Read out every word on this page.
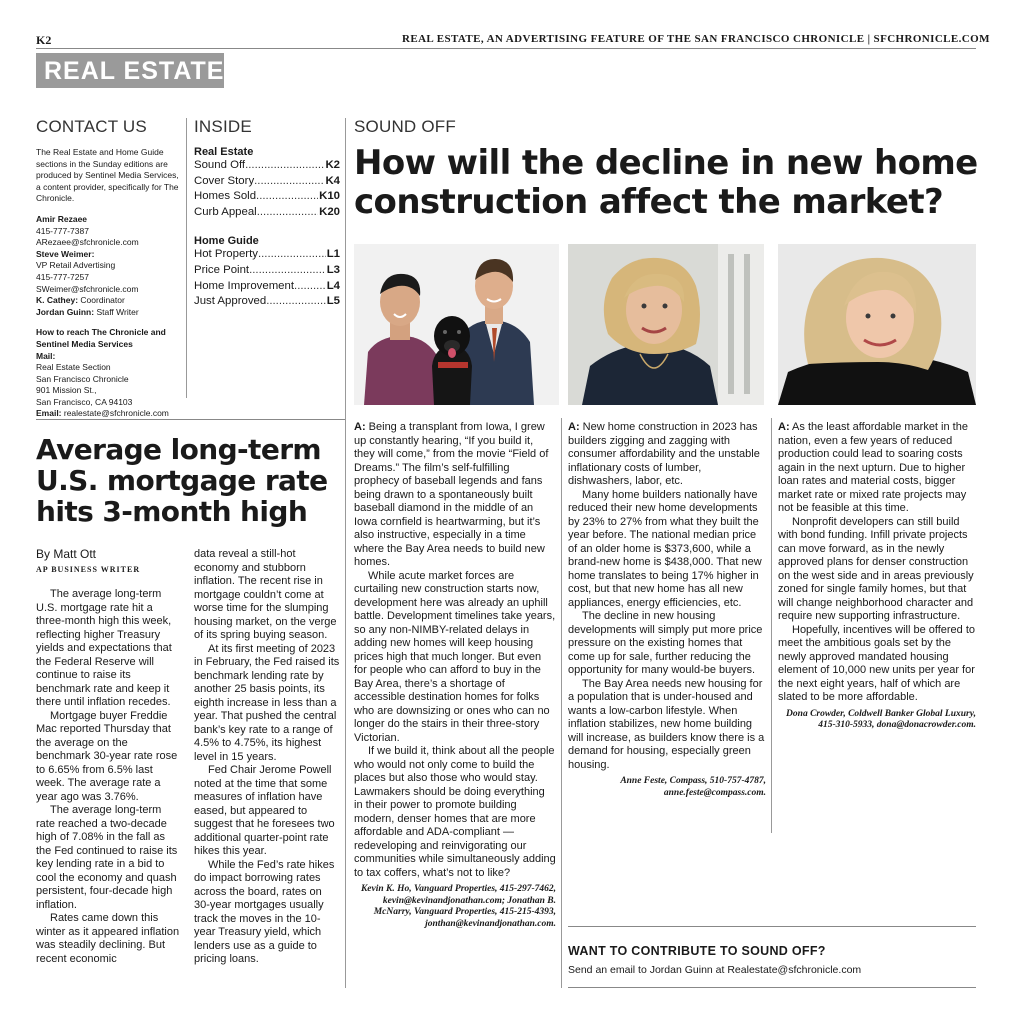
K2	REAL ESTATE, AN ADVERTISING FEATURE OF THE SAN FRANCISCO CHRONICLE | SFCHRONICLE.COM
REAL ESTATE
CONTACT US
The Real Estate and Home Guide sections in the Sunday editions are produced by Sentinel Media Services, a content provider, specifically for The Chronicle.
Amir Rezaee
415-777-7387
ARezaee@sfchronicle.com
Steve Weimer:
VP Retail Advertising
415-777-7257
SWeimer@sfchronicle.com
K. Cathey: Coordinator
Jordan Guinn: Staff Writer
How to reach The Chronicle and Sentinel Media Services
Mail:
Real Estate Section
San Francisco Chronicle
901 Mission St.,
San Francisco, CA 94103
Email: realestate@sfchronicle.com
INSIDE
Real Estate
Sound Off .....	K2
Cover Story .....	K4
Homes Sold .....	K10
Curb Appeal .....	K20
Home Guide
Hot Property .....	L1
Price Point .....	L3
Home Improvement .....	L4
Just Approved .....	L5
SOUND OFF
How will the decline in new home
construction affect the market?

A: Being a transplant from Iowa, I grew up constantly hearing, “If you build it, they will come,” from the movie “Field of Dreams.” The film’s self-fulfilling prophecy of baseball legends and fans being drawn to a spontaneously built baseball diamond in the middle of an Iowa cornfield is heartwarming, but it’s also instructive, especially in a time where the Bay Area needs to build new homes.

While acute market forces are curtailing new construction starts now, development here was already an uphill battle. Development timelines take years, so any non-NIMBY-related delays in adding new homes will keep housing prices high that much longer. But even for people who can afford to buy in the Bay Area, there’s a shortage of accessible destination homes for folks who are downsizing or ones who can no longer do the stairs in their three-story Victorian.

If we build it, think about all the people who would not only come to build the places but also those who would stay. Lawmakers should be doing everything in their power to promote building modern, denser homes that are more affordable and ADA-compliant — redeveloping and reinvigorating our communities while simultaneously adding to tax coffers, what’s not to like?

Kevin K. Ho, Vanguard Properties, 415-297-7462, kevin@kevinandjonathan.com; Jonathan B. McNarry, Vanguard Properties, 415-215-4393, jonthan@kevinandjonathan.com.

A: New home construction in 2023 has builders zigging and zagging with consumer affordability and the unstable inflationary costs of lumber, dishwashers, labor, etc.

Many home builders nationally have reduced their new home developments by 23% to 27% from what they built the year before. The national median price of an older home is $373,600, while a brand-new home is $438,000. That new home translates to being 17% higher in cost, but that new home has all new appliances, energy efficiencies, etc.

The decline in new housing developments will simply put more price pressure on the existing homes that come up for sale, further reducing the opportunity for many would-be buyers.

The Bay Area needs new housing for a population that is under-housed and wants a low-carbon lifestyle. When inflation stabilizes, new home building will increase, as builders know there is a demand for housing, especially green housing.

Anne Feste, Compass, 510-757-4787, anne.feste@compass.com.

A: As the least affordable market in the nation, even a few years of reduced production could lead to soaring costs again in the next upturn. Due to higher loan rates and material costs, bigger market rate or mixed rate projects may not be feasible at this time.

Nonprofit developers can still build with bond funding. Infill private projects can move forward, as in the newly approved plans for denser construction on the west side and in areas previously zoned for single family homes, but that will change neighborhood character and require new supporting infrastructure.

Hopefully, incentives will be offered to meet the ambitious goals set by the newly approved mandated housing element of 10,000 new units per year for the next eight years, half of which are slated to be more affordable.

Dona Crowder, Coldwell Banker Global Luxury, 415-310-5933, dona@donacrowder.com.
WANT TO CONTRIBUTE TO SOUND OFF?
Send an email to Jordan Guinn at Realestate@sfchronicle.com
Average long-term
U.S. mortgage rate
hits 3-month high
By Matt Ott
AP BUSINESS WRITER

The average long-term U.S. mortgage rate hit a three-month high this week, reflecting higher Treasury yields and expectations that the Federal Reserve will continue to raise its benchmark rate and keep it there until inflation recedes.

Mortgage buyer Freddie Mac reported Thursday that the average on the benchmark 30-year rate rose to 6.65% from 6.5% last week. The average rate a year ago was 3.76%.

The average long-term rate reached a two-decade high of 7.08% in the fall as the Fed continued to raise its key lending rate in a bid to cool the economy and quash persistent, four-decade high inflation.

Rates came down this winter as it appeared inflation was steadily declining. But recent economic

data reveal a still-hot economy and stubborn inflation. The recent rise in mortgage couldn’t come at worse time for the slumping housing market, on the verge of its spring buying season.

At its first meeting of 2023 in February, the Fed raised its benchmark lending rate by another 25 basis points, its eighth increase in less than a year. That pushed the central bank’s key rate to a range of 4.5% to 4.75%, its highest level in 15 years.

Fed Chair Jerome Powell noted at the time that some measures of inflation have eased, but appeared to suggest that he foresees two additional quarter-point rate hikes this year.

While the Fed’s rate hikes do impact borrowing rates across the board, rates on 30-year mortgages usually track the moves in the 10-year Treasury yield, which lenders use as a guide to pricing loans.
